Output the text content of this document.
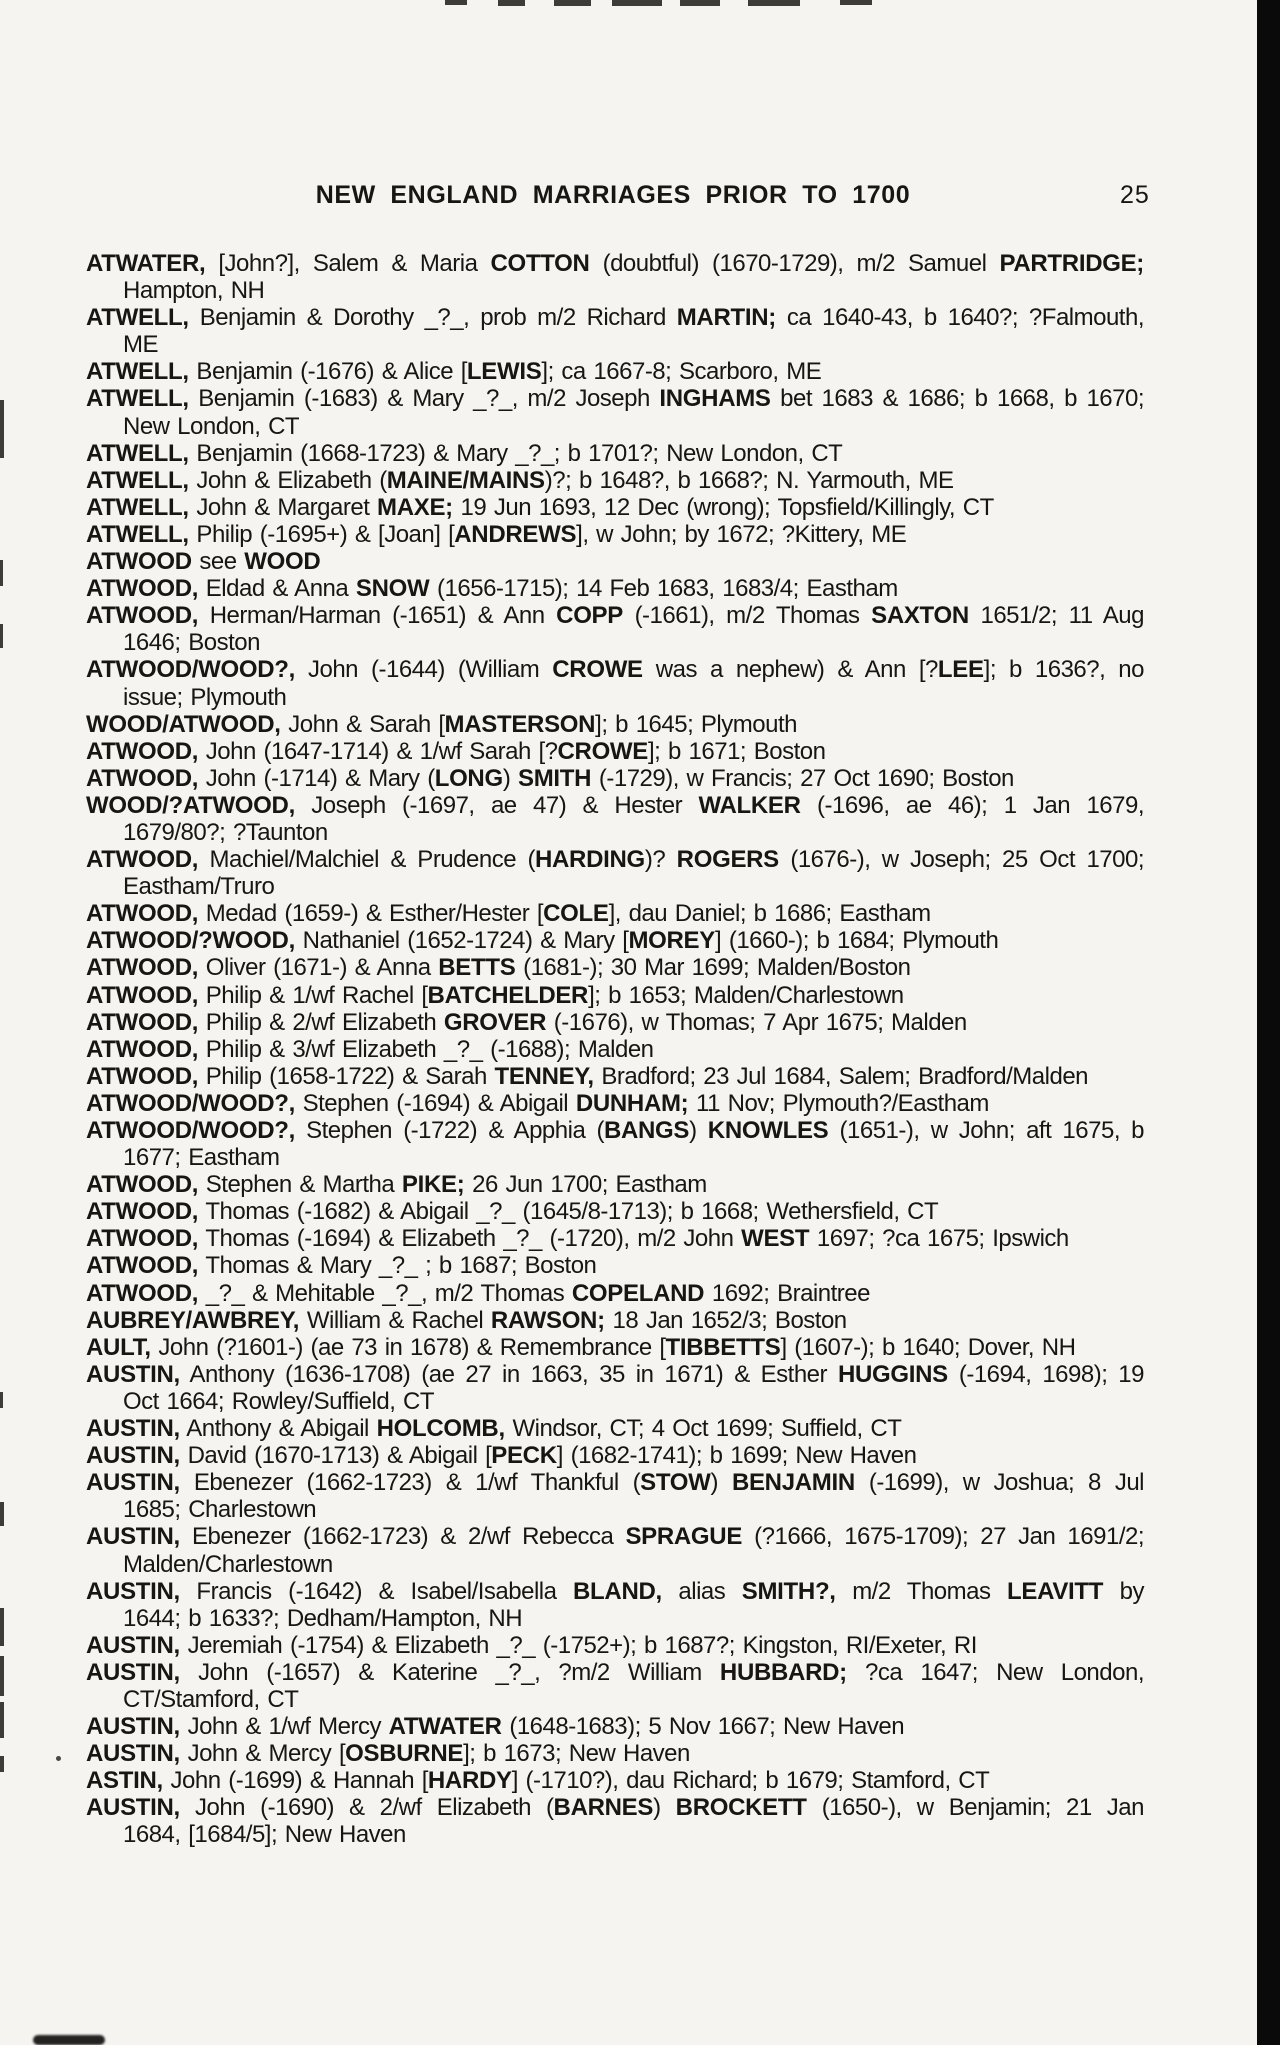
NEW ENGLAND MARRIAGES PRIOR TO 1700	25
ATWATER, [John?], Salem & Maria COTTON (doubtful) (1670-1729), m/2 Samuel PARTRIDGE;
Hampton, NH
ATWELL, Benjamin & Dorothy _?_, prob m/2 Richard MARTIN; ca 1640-43, b 1640?; ?Falmouth,
ME
ATWELL, Benjamin (-1676) & Alice [LEWIS]; ca 1667-8; Scarboro, ME
ATWELL, Benjamin (-1683) & Mary _?_, m/2 Joseph INGHAMS bet 1683 & 1686; b 1668, b 1670;
New London, CT
ATWELL, Benjamin (1668-1723) & Mary _?_; b 1701?; New London, CT
ATWELL, John & Elizabeth (MAINE/MAINS)?; b 1648?, b 1668?; N. Yarmouth, ME
ATWELL, John & Margaret MAXE; 19 Jun 1693, 12 Dec (wrong); Topsfield/Killingly, CT
ATWELL, Philip (-1695+) & [Joan] [ANDREWS], w John; by 1672; ?Kittery, ME
ATWOOD see WOOD
ATWOOD, Eldad & Anna SNOW (1656-1715); 14 Feb 1683, 1683/4; Eastham
ATWOOD, Herman/Harman (-1651) & Ann COPP (-1661), m/2 Thomas SAXTON 1651/2; 11 Aug
1646; Boston
ATWOOD/WOOD?, John (-1644) (William CROWE was a nephew) & Ann [?LEE]; b 1636?, no
issue; Plymouth
WOOD/ATWOOD, John & Sarah [MASTERSON]; b 1645; Plymouth
ATWOOD, John (1647-1714) & 1/wf Sarah [?CROWE]; b 1671; Boston
ATWOOD, John (-1714) & Mary (LONG) SMITH (-1729), w Francis; 27 Oct 1690; Boston
WOOD/?ATWOOD, Joseph (-1697, ae 47) & Hester WALKER (-1696, ae 46); 1 Jan 1679,
1679/80?; ?Taunton
ATWOOD, Machiel/Malchiel & Prudence (HARDING)? ROGERS (1676-), w Joseph; 25 Oct 1700;
Eastham/Truro
ATWOOD, Medad (1659-) & Esther/Hester [COLE], dau Daniel; b 1686; Eastham
ATWOOD/?WOOD, Nathaniel (1652-1724) & Mary [MOREY] (1660-); b 1684; Plymouth
ATWOOD, Oliver (1671-) & Anna BETTS (1681-); 30 Mar 1699; Malden/Boston
ATWOOD, Philip & 1/wf Rachel [BATCHELDER]; b 1653; Malden/Charlestown
ATWOOD, Philip & 2/wf Elizabeth GROVER (-1676), w Thomas; 7 Apr 1675; Malden
ATWOOD, Philip & 3/wf Elizabeth _?_ (-1688); Malden
ATWOOD, Philip (1658-1722) & Sarah TENNEY, Bradford; 23 Jul 1684, Salem; Bradford/Malden
ATWOOD/WOOD?, Stephen (-1694) & Abigail DUNHAM; 11 Nov; Plymouth?/Eastham
ATWOOD/WOOD?, Stephen (-1722) & Apphia (BANGS) KNOWLES (1651-), w John; aft 1675, b
1677; Eastham
ATWOOD, Stephen & Martha PIKE; 26 Jun 1700; Eastham
ATWOOD, Thomas (-1682) & Abigail _?_ (1645/8-1713); b 1668; Wethersfield, CT
ATWOOD, Thomas (-1694) & Elizabeth _?_ (-1720), m/2 John WEST 1697; ?ca 1675; Ipswich
ATWOOD, Thomas & Mary _?_ ; b 1687; Boston
ATWOOD, _?_ & Mehitable _?_, m/2 Thomas COPELAND 1692; Braintree
AUBREY/AWBREY, William & Rachel RAWSON; 18 Jan 1652/3; Boston
AULT, John (?1601-) (ae 73 in 1678) & Remembrance [TIBBETTS] (1607-); b 1640; Dover, NH
AUSTIN, Anthony (1636-1708) (ae 27 in 1663, 35 in 1671) & Esther HUGGINS (-1694, 1698); 19
Oct 1664; Rowley/Suffield, CT
AUSTIN, Anthony & Abigail HOLCOMB, Windsor, CT; 4 Oct 1699; Suffield, CT
AUSTIN, David (1670-1713) & Abigail [PECK] (1682-1741); b 1699; New Haven
AUSTIN, Ebenezer (1662-1723) & 1/wf Thankful (STOW) BENJAMIN (-1699), w Joshua; 8 Jul
1685; Charlestown
AUSTIN, Ebenezer (1662-1723) & 2/wf Rebecca SPRAGUE (?1666, 1675-1709); 27 Jan 1691/2;
Malden/Charlestown
AUSTIN, Francis (-1642) & Isabel/Isabella BLAND, alias SMITH?, m/2 Thomas LEAVITT by
1644; b 1633?; Dedham/Hampton, NH
AUSTIN, Jeremiah (-1754) & Elizabeth _?_ (-1752+); b 1687?; Kingston, RI/Exeter, RI
AUSTIN, John (-1657) & Katerine _?_, ?m/2 William HUBBARD; ?ca 1647; New London,
CT/Stamford, CT
AUSTIN, John & 1/wf Mercy ATWATER (1648-1683); 5 Nov 1667; New Haven
AUSTIN, John & Mercy [OSBURNE]; b 1673; New Haven
ASTIN, John (-1699) & Hannah [HARDY] (-1710?), dau Richard; b 1679; Stamford, CT
AUSTIN, John (-1690) & 2/wf Elizabeth (BARNES) BROCKETT (1650-), w Benjamin; 21 Jan
1684, [1684/5]; New Haven
